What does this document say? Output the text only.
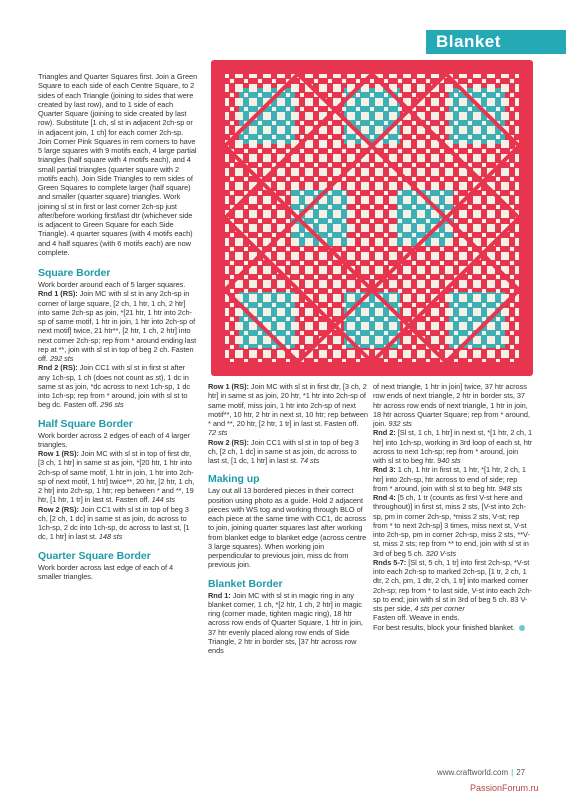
Blanket

Triangles and Quarter Squares first. Join a Green Square to each side of each Centre Square, to 2 sides of each Triangle (joining to sides that were created by last row), and to 1 side of each Quarter Square (joining to side created by last row). Substitute [1 ch, sl st in adjacent 2ch-sp or in adjacent join, 1 ch] for each corner 2ch-sp. Join Corner Pink Squares in rem corners to have 5 large squares with 9 motifs each, 4 large partial triangles (half square with 4 motifs each), and 4 small partial triangles (quarter square with 2 motifs each). Join Side Triangles to rem sides of Green Squares to complete larger (half square) and smaller (quarter square) triangles. Work joining sl st in first or last corner 2ch-sp just after/before working first/last dtr (whichever side is adjacent to Green Square for each Side Triangle). 4 quarter squares (with 4 motifs each) and 4 half squares (with 6 motifs each) are now complete.

Square Border

Work border around each of 5 larger squares.

Rnd 1 (RS): Join MC with sl st in any 2ch-sp in corner of large square, [2 ch, 1 htr, 1 ch, 2 htr] into same 2ch-sp as join, *[21 htr, 1 htr into 2ch-sp of same motif, 1 htr in join, 1 htr into 2ch-sp of next motif] twice, 21 htr**, [2 htr, 1 ch, 2 htr] into next corner 2ch-sp; rep from * around ending last rep at **, join with sl st in top of beg 2 ch. Fasten off. 292 sts

Rnd 2 (RS): Join CC1 with sl st in first st after any 1ch-sp, 1 ch (does not count as st), 1 dc in same st as join, *dc across to next 1ch-sp, 1 dc into 1ch-sp; rep from * around, join with sl st to beg dc. Fasten off. 296 sts

Half Square Border

Work border across 2 edges of each of 4 larger triangles.

Row 1 (RS): Join MC with sl st in top of first dtr, [3 ch, 1 htr] in same st as join, *[20 htr, 1 htr into 2ch-sp of same motif, 1 htr in join, 1 htr into 2ch-sp of next motif, 1 htr] twice**, 20 htr, [2 htr, 1 ch, 2 htr] into 2ch-sp, 1 htr; rep between * and **, 19 htr, [1 htr, 1 tr] in last st. Fasten off. 144 sts

Row 2 (RS): Join CC1 with sl st in top of beg 3 ch, [2 ch, 1 dc] in same st as join, dc across to 1ch-sp, 2 dc into 1ch-sp, dc across to last st, [1 dc, 1 htr] in last st. 148 sts

Quarter Square Border

Work border across last edge of each of 4 smaller triangles.

Row 1 (RS): Join MC with sl st in first dtr, [3 ch, 2 htr] in same st as join, 20 htr, *1 htr into 2ch-sp of same motif, miss join, 1 htr into 2ch-sp of next motif**, 10 htr, 2 htr in next st, 10 htr; rep between * and **, 20 htr, [2 htr, 1 tr] in last st. Fasten off. 72 sts

Row 2 (RS): Join CC1 with sl st in top of beg 3 ch, [2 ch, 1 dc] in same st as join, dc across to last st, [1 dc, 1 htr] in last st. 74 sts

Making up

Lay out all 13 bordered pieces in their correct position using photo as a guide. Hold 2 adjacent pieces with WS tog and working through BLO of each piece at the same time with CC1, dc across to join, joining quarter squares last after working from blanket edge to blanket edge (across centre 3 large squares). When working join perpendicular to previous join, miss dc from previous join.

Blanket Border

Rnd 1: Join MC with sl st in magic ring in any blanket corner, 1 ch, *[2 htr, 1 ch, 2 htr] in magic ring (corner made, tighten magic ring), 18 htr across row ends of Quarter Square, 1 htr in join, 37 htr evenly placed along row ends of Side Triangle, 2 htr in border sts, [37 htr across row ends

of next triangle, 1 htr in join] twice, 37 htr across row ends of next triangle, 2 htr in border sts, 37 htr across row ends of next triangle, 1 htr in join, 18 htr across Quarter Square; rep from * around, join. 932 sts

Rnd 2: [Sl st, 1 ch, 1 htr] in next st, *[1 htr, 2 ch, 1 htr] into 1ch-sp, working in 3rd loop of each st, htr across to next 1ch-sp; rep from * around, join with sl st to beg htr. 940 sts

Rnd 3: 1 ch, 1 htr in first st, 1 htr, *[1 htr, 2 ch, 1 htr] into 2ch-sp, htr across to end of side; rep from * around, join with sl st to beg htr. 948 sts

Rnd 4: [5 ch, 1 tr (counts as first V-st here and throughout)] in first st, miss 2 sts, [V-st into 2ch-sp, pm in corner 2ch-sp, *miss 2 sts, V-st; rep from * to next 2ch-sp] 3 times, miss next st, V-st into 2ch-sp, pm in corner 2ch-sp, miss 2 sts, **V-st, miss 2 sts; rep from ** to end, join with sl st in 3rd of beg 5 ch. 320 V-sts

Rnds 5-7: [Sl st, 5 ch, 1 tr] into first 2ch-sp, *V-st into each 2ch-sp to marked 2ch-sp, [1 tr, 2 ch, 1 dtr, 2 ch, pm, 1 dtr, 2 ch, 1 tr] into marked corner 2ch-sp; rep from * to last side, V-st into each 2ch-sp to end; join with sl st in 3rd of beg 5 ch. 83 V-sts per side, 4 sts per corner

Fasten off. Weave in ends.

For best results, block your finished blanket.

www.craftworld.com | 27
PassionForum.ru
